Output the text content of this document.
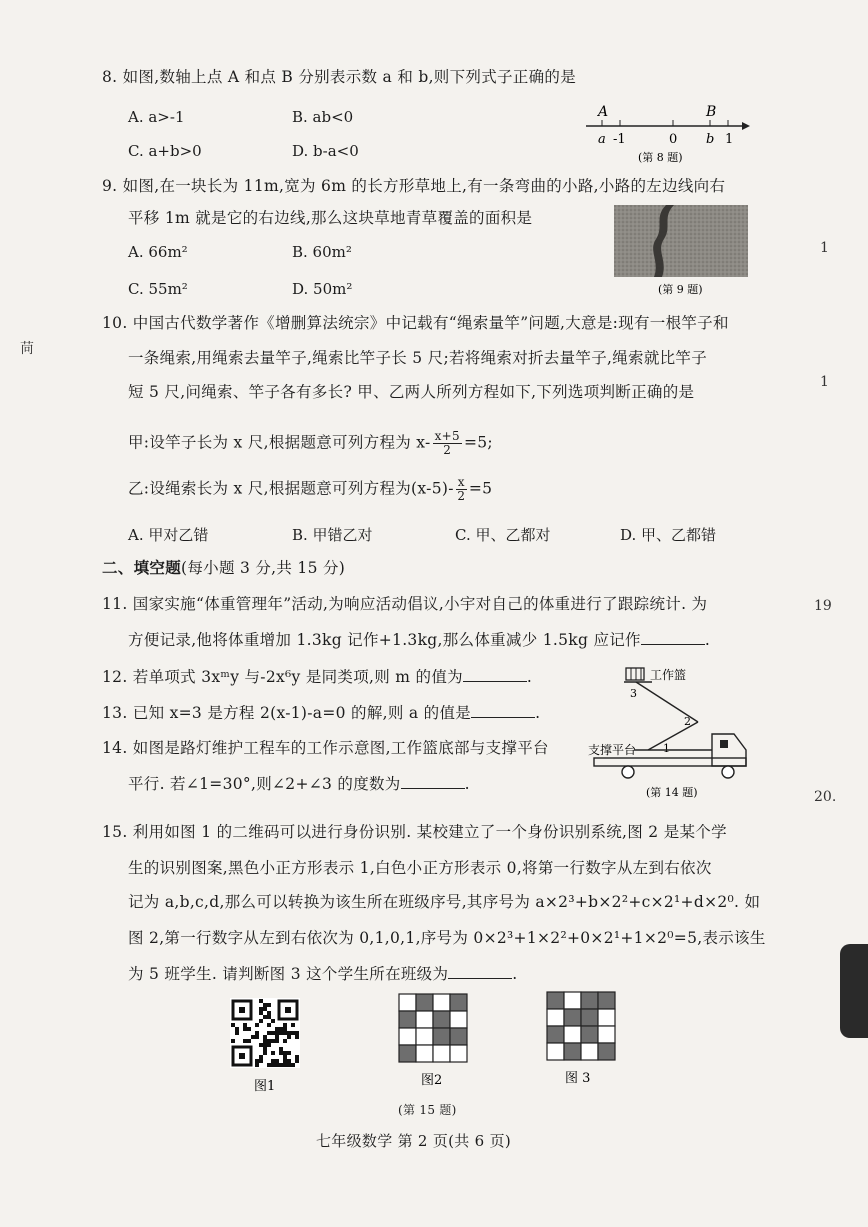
8. 如图,数轴上点 A 和点 B 分别表示数 a 和 b,则下列式子正确的是
A. a>-1	B. ab<0
C. a+b>0	D. b-a<0
A	B
a -1	0 b 1
(第 8 题)
9. 如图,在一块长为 11m,宽为 6m 的长方形草地上,有一条弯曲的小路,小路的左边线向右
平移 1m 就是它的右边线,那么这块草地青草覆盖的面积是
A. 66m²	B. 60m²
C. 55m²	D. 50m²	(第 9 题)
10. 中国古代数学著作《增删算法统宗》中记载有“绳索量竿”问题,大意是:现有一根竿子和
一条绳索,用绳索去量竿子,绳索比竿子长 5 尺;若将绳索对折去量竿子,绳索就比竿子
短 5 尺,问绳索、竿子各有多长? 甲、乙两人所列方程如下,下列选项判断正确的是
甲:设竿子长为 x 尺,根据题意可列方程为 $x- \frac{x+5}{2} =5$;
乙:设绳索长为 x 尺,根据题意可列方程为$(x-5)- \frac{x}{2} =5$
A. 甲对乙错	B. 甲错乙对	C. 甲、乙都对	D. 甲、乙都错
二、填空题(每小题 3 分,共 15 分)
11. 国家实施“体重管理年”活动,为响应活动倡议,小宇对自己的体重进行了跟踪统计. 为
方便记录,他将体重增加 1.3kg 记作+1.3kg,那么体重减少 1.5kg 应记作	.
12. 若单项式 3xᵐy 与-2x⁶y 是同类项,则 m 的值为	.
13. 已知 x=3 是方程 2(x-1)-a=0 的解,则 a 的值是	.
14. 如图是路灯维护工程车的工作示意图,工作篮底部与支撑平台
平行. 若∠1=30°,则∠2+∠3 的度数为	.
工作篮
3
2
1
支撑平台
(第 14 题)
15. 利用如图 1 的二维码可以进行身份识别. 某校建立了一个身份识别系统,图 2 是某个学
生的识别图案,黑色小正方形表示 1,白色小正方形表示 0,将第一行数字从左到右依次
记为 a,b,c,d,那么可以转换为该生所在班级序号,其序号为 a×2³+b×2²+c×2¹+d×2⁰. 如
图 2,第一行数字从左到右依次为 0,1,0,1,序号为 0×2³+1×2²+0×2¹+1×2⁰=5,表示该生
为 5 班学生. 请判断图 3 这个学生所在班级为	.
图1	图2	图 3
(第 15 题)
七年级数学 第 2 页(共 6 页)
苘
1
1
19
20.
